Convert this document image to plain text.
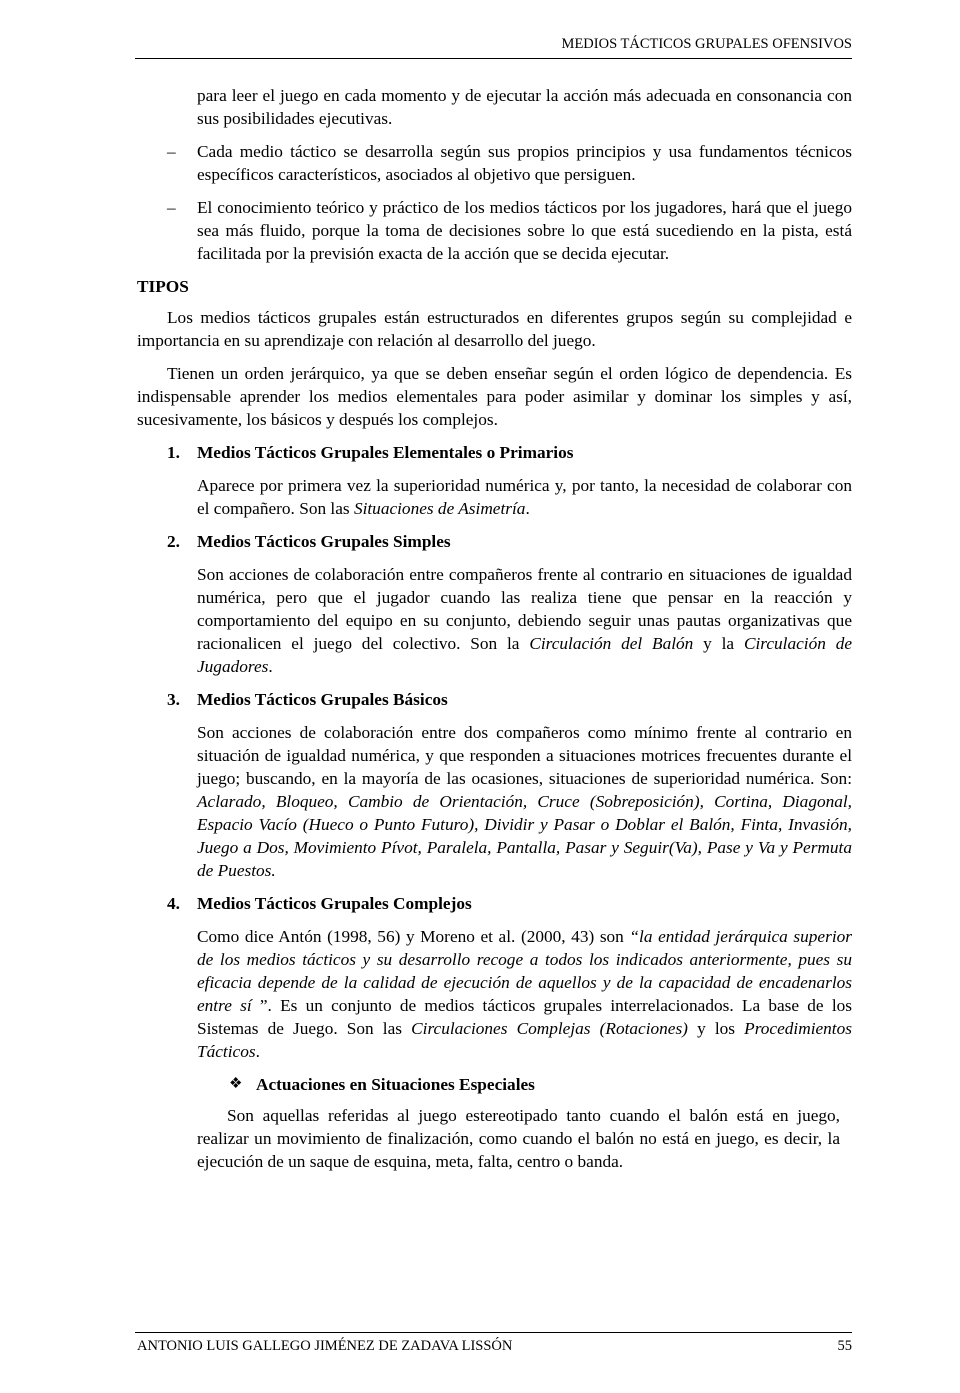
MEDIOS TÁCTICOS GRUPALES OFENSIVOS

para leer el juego en cada momento y de ejecutar la acción más adecuada en consonancia con sus posibilidades ejecutivas.

– Cada medio táctico se desarrolla según sus propios principios y usa fundamentos técnicos específicos característicos, asociados al objetivo que persiguen.
– El conocimiento teórico y práctico de los medios tácticos por los jugadores, hará que el juego sea más fluido, porque la toma de decisiones sobre lo que está sucediendo en la pista, está facilitada por la previsión exacta de la acción que se decida ejecutar.
TIPOS

Los medios tácticos grupales están estructurados en diferentes grupos según su complejidad e importancia en su aprendizaje con relación al desarrollo del juego.

Tienen un orden jerárquico, ya que se deben enseñar según el orden lógico de dependencia. Es indispensable aprender los medios elementales para poder asimilar y dominar los simples y así, sucesivamente, los básicos y después los complejos.

1. Medios Tácticos Grupales Elementales o Primarios

Aparece por primera vez la superioridad numérica y, por tanto, la necesidad de colaborar con el compañero. Son las Situaciones de Asimetría.

2. Medios Tácticos Grupales Simples

Son acciones de colaboración entre compañeros frente al contrario en situaciones de igualdad numérica, pero que el jugador cuando las realiza tiene que pensar en la reacción y comportamiento del equipo en su conjunto, debiendo seguir unas pautas organizativas que racionalicen el juego del colectivo. Son la Circulación del Balón y la Circulación de Jugadores.

3. Medios Tácticos Grupales Básicos

Son acciones de colaboración entre dos compañeros como mínimo frente al contrario en situación de igualdad numérica, y que responden a situaciones motrices frecuentes durante el juego; buscando, en la mayoría de las ocasiones, situaciones de superioridad numérica. Son: Aclarado, Bloqueo, Cambio de Orientación, Cruce (Sobreposición), Cortina, Diagonal, Espacio Vacío (Hueco o Punto Futuro), Dividir y Pasar o Doblar el Balón, Finta, Invasión, Juego a Dos, Movimiento Pívot, Paralela, Pantalla, Pasar y Seguir(Va), Pase y Va y Permuta de Puestos.

4. Medios Tácticos Grupales Complejos

Como dice Antón (1998, 56) y Moreno et al. (2000, 43) son “la entidad jerárquica superior de los medios tácticos y su desarrollo recoge a todos los indicados anteriormente, pues su eficacia depende de la calidad de ejecución de aquellos y de la capacidad de encadenarlos entre sí ”. Es un conjunto de medios tácticos grupales interrelacionados. La base de los Sistemas de Juego. Son las Circulaciones Complejas (Rotaciones) y los Procedimientos Tácticos.

❖ Actuaciones en Situaciones Especiales

Son aquellas referidas al juego estereotipado tanto cuando el balón está en juego, realizar un movimiento de finalización, como cuando el balón no está en juego, es decir, la ejecución de un saque de esquina, meta, falta, centro o banda.

ANTONIO LUIS GALLEGO JIMÉNEZ DE ZADAVA LISSÓN	55
